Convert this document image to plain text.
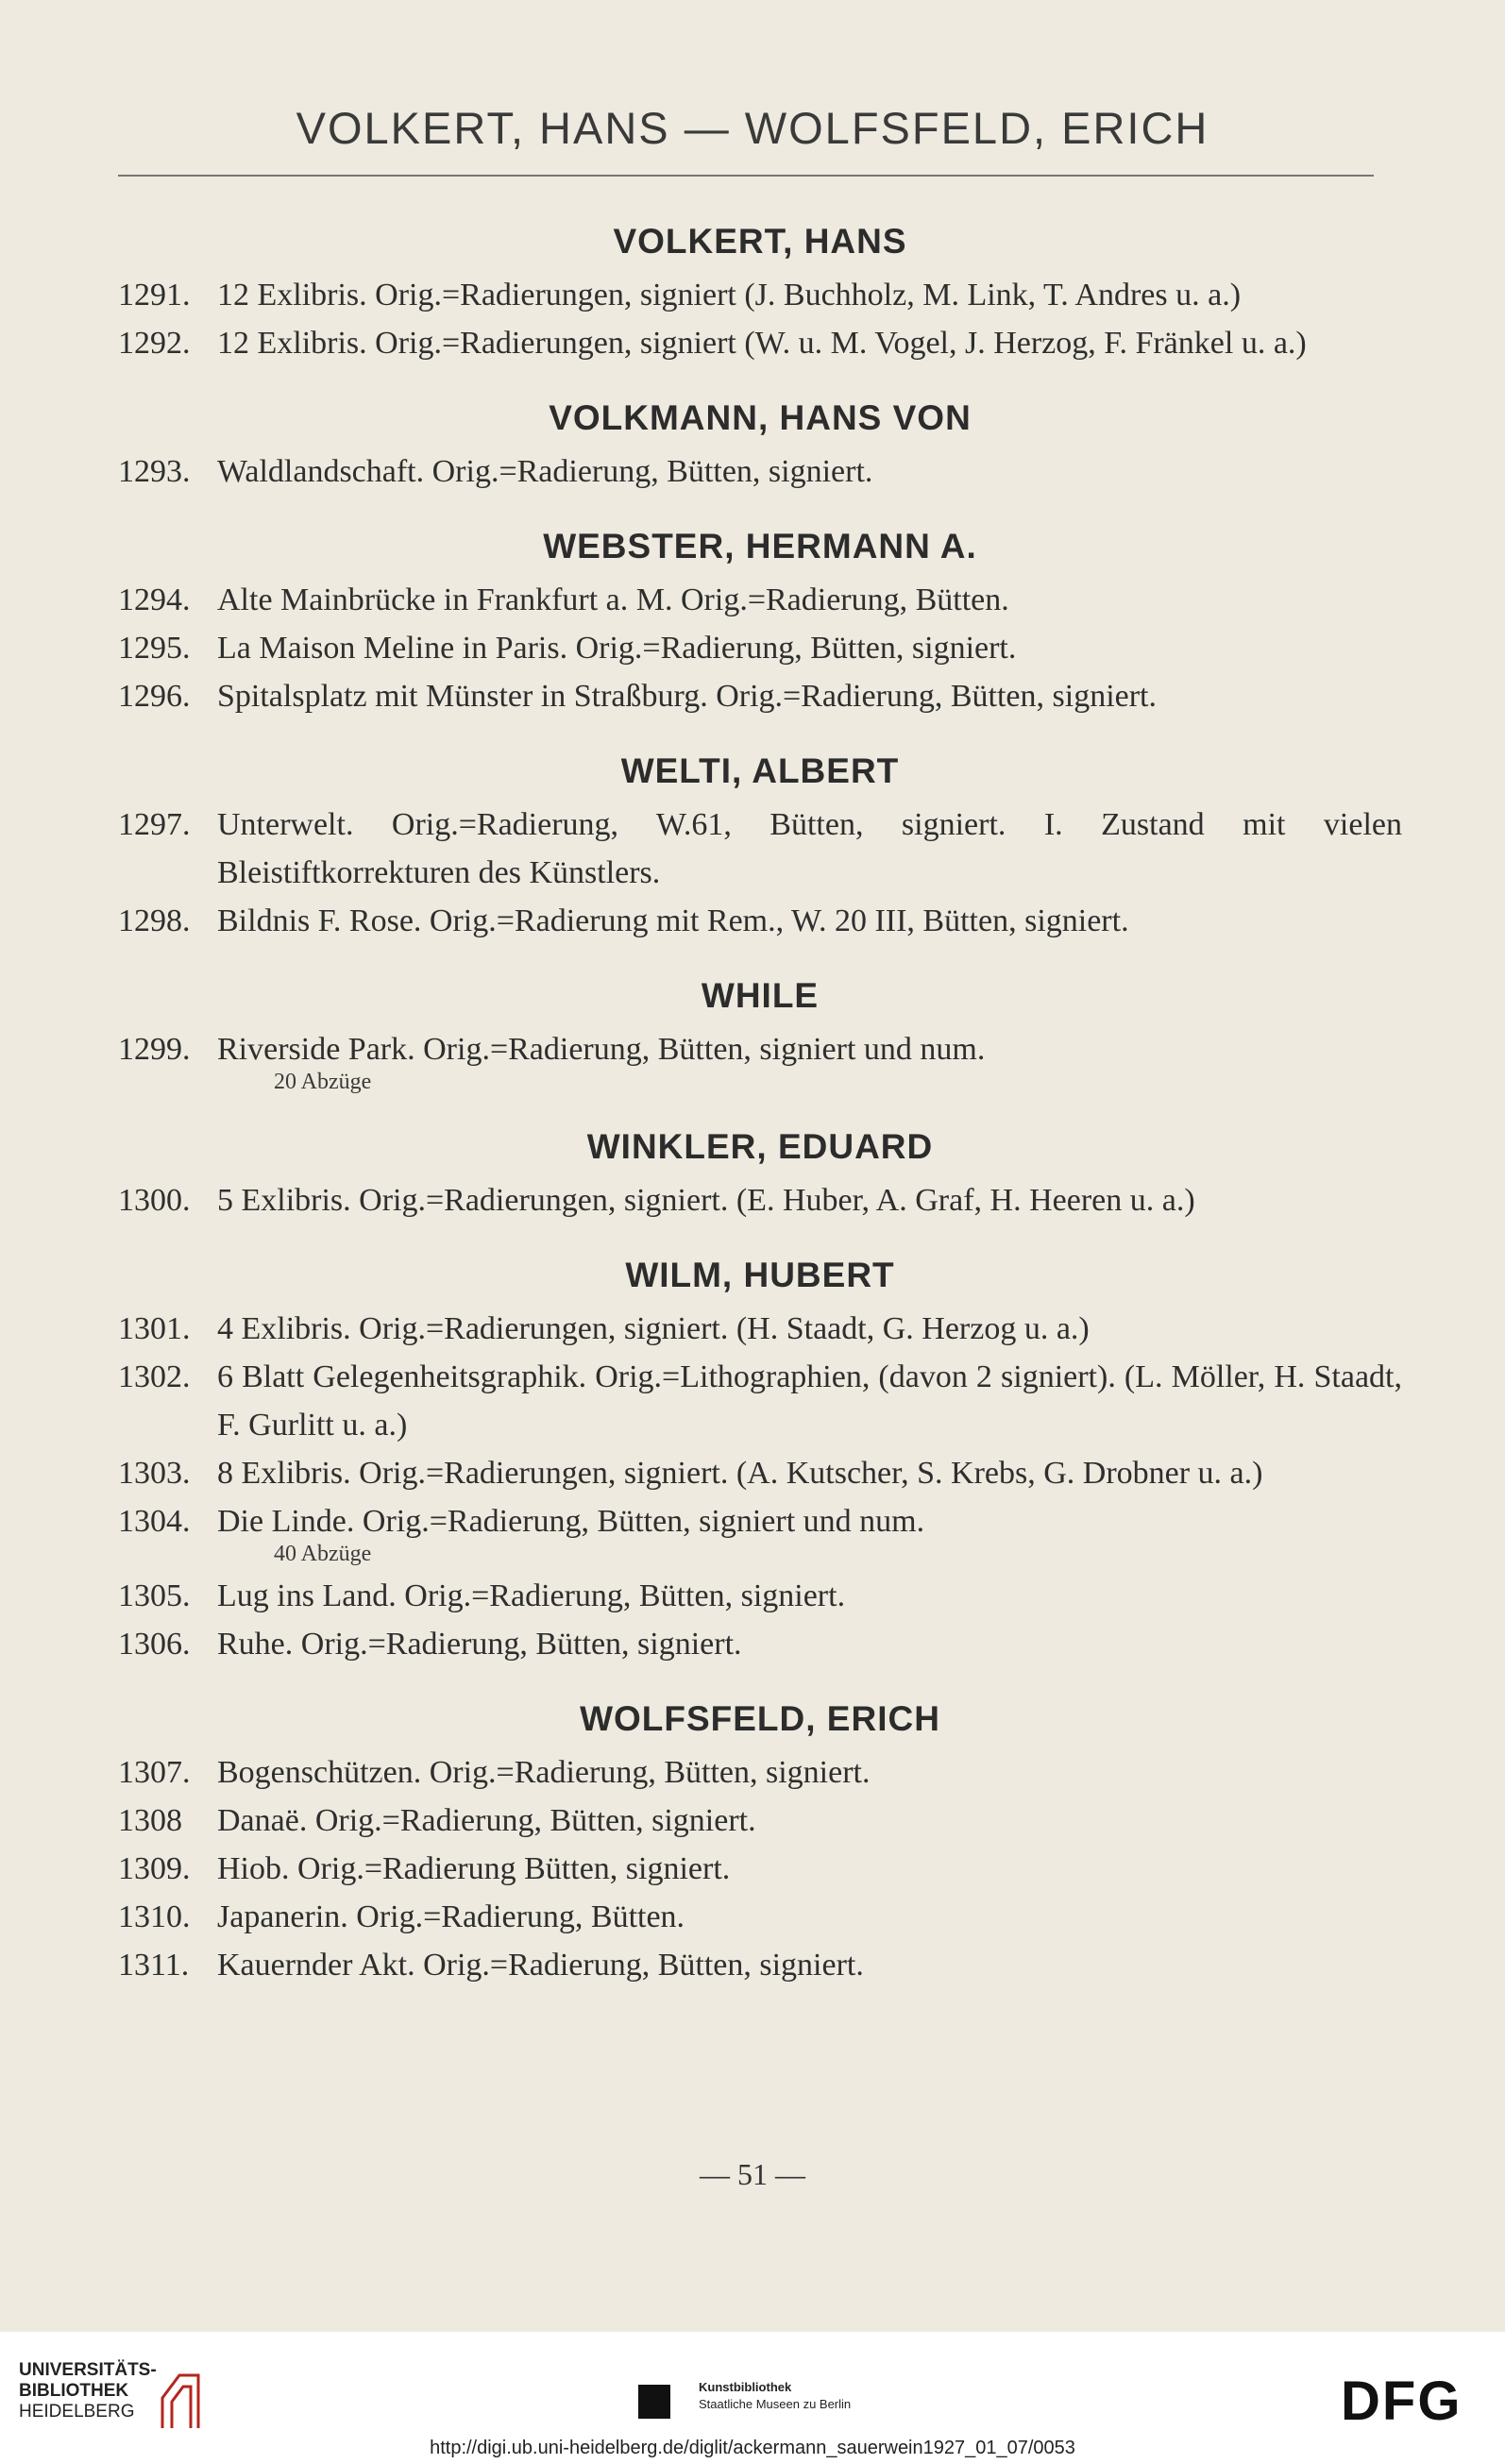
VOLKERT, HANS — WOLFSFELD, ERICH
VOLKERT, HANS
1291. 12 Exlibris. Orig.=Radierungen, signiert (J. Buchholz, M. Link, T. Andres u. a.)
1292. 12 Exlibris. Orig.=Radierungen, signiert (W. u. M. Vogel, J. Herzog, F. Fränkel u. a.)
VOLKMANN, HANS VON
1293. Waldlandschaft. Orig.=Radierung, Bütten, signiert.
WEBSTER, HERMANN A.
1294. Alte Mainbrücke in Frankfurt a. M. Orig.=Radierung, Bütten.
1295. La Maison Meline in Paris. Orig.=Radierung, Bütten, signiert.
1296. Spitalsplatz mit Münster in Straßburg. Orig.=Radierung, Bütten, signiert.
WELTI, ALBERT
1297. Unterwelt. Orig.=Radierung, W.61, Bütten, signiert. I. Zustand mit vielen Bleistiftkorrekturen des Künstlers.
1298. Bildnis F. Rose. Orig.=Radierung mit Rem., W. 20 III, Bütten, signiert.
WHILE
1299. Riverside Park. Orig.=Radierung, Bütten, signiert und num.
20 Abzüge
WINKLER, EDUARD
1300. 5 Exlibris. Orig.=Radierungen, signiert. (E. Huber, A. Graf, H. Heeren u. a.)
WILM, HUBERT
1301. 4 Exlibris. Orig.=Radierungen, signiert. (H. Staadt, G. Herzog u. a.)
1302. 6 Blatt Gelegenheitsgraphik. Orig.=Lithographien, (davon 2 signiert). (L. Möller, H. Staadt, F. Gurlitt u. a.)
1303. 8 Exlibris. Orig.=Radierungen, signiert. (A. Kutscher, S. Krebs, G. Drobner u. a.)
1304. Die Linde. Orig.=Radierung, Bütten, signiert und num.
40 Abzüge
1305. Lug ins Land. Orig.=Radierung, Bütten, signiert.
1306. Ruhe. Orig.=Radierung, Bütten, signiert.
WOLFSFELD, ERICH
1307. Bogenschützen. Orig.=Radierung, Bütten, signiert.
1308	Danaë. Orig.=Radierung, Bütten, signiert.
1309. Hiob. Orig.=Radierung Bütten, signiert.
1310. Japanerin. Orig.=Radierung, Bütten.
1311. Kauernder Akt. Orig.=Radierung, Bütten, signiert.
— 51 —
UNIVERSITÄTS-
BIBLIOTHEK
HEIDELBERG
Kunstbibliothek
Staatliche Museen zu Berlin	DFG
http://digi.ub.uni-heidelberg.de/diglit/ackermann_sauerwein1927_01_07/0053
